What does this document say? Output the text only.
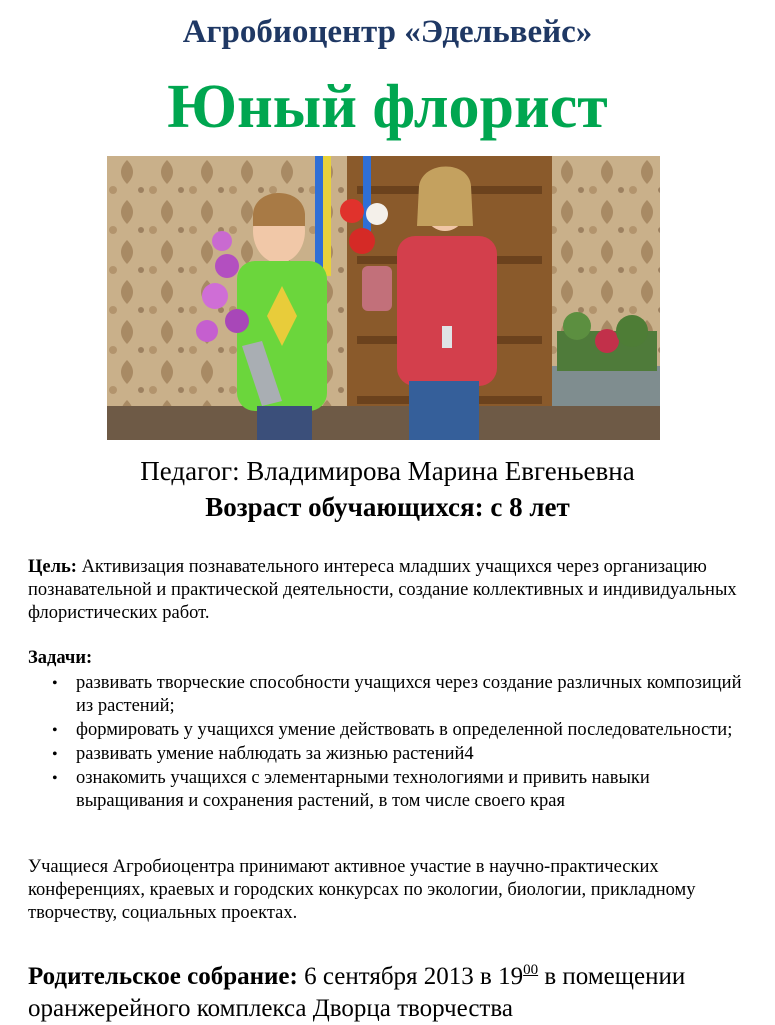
Агробиоцентр «Эдельвейс»
Юный флорист
Педагог: Владимирова Марина Евгеньевна
Возраст обучающихся: с 8 лет
Цель: Активизация познавательного интереса младших учащихся через организацию познавательной и практической деятельности, создание коллективных и индивидуальных флористических работ.
Задачи:
• развивать творческие способности учащихся через создание различных композиций из растений;
• формировать у учащихся умение действовать в определенной последовательности;
• развивать умение наблюдать за жизнью растений4
• ознакомить учащихся с элементарными технологиями и привить навыки выращивания и сохранения растений, в том числе своего края
Учащиеся Агробиоцентра принимают активное участие в научно-практических конференциях, краевых и городских конкурсах по экологии, биологии, прикладному творчеству, социальных проектах.
Родительское собрание: 6 сентября 2013 в $19^{00}$ в помещении оранжерейного комплекса Дворца творчества
